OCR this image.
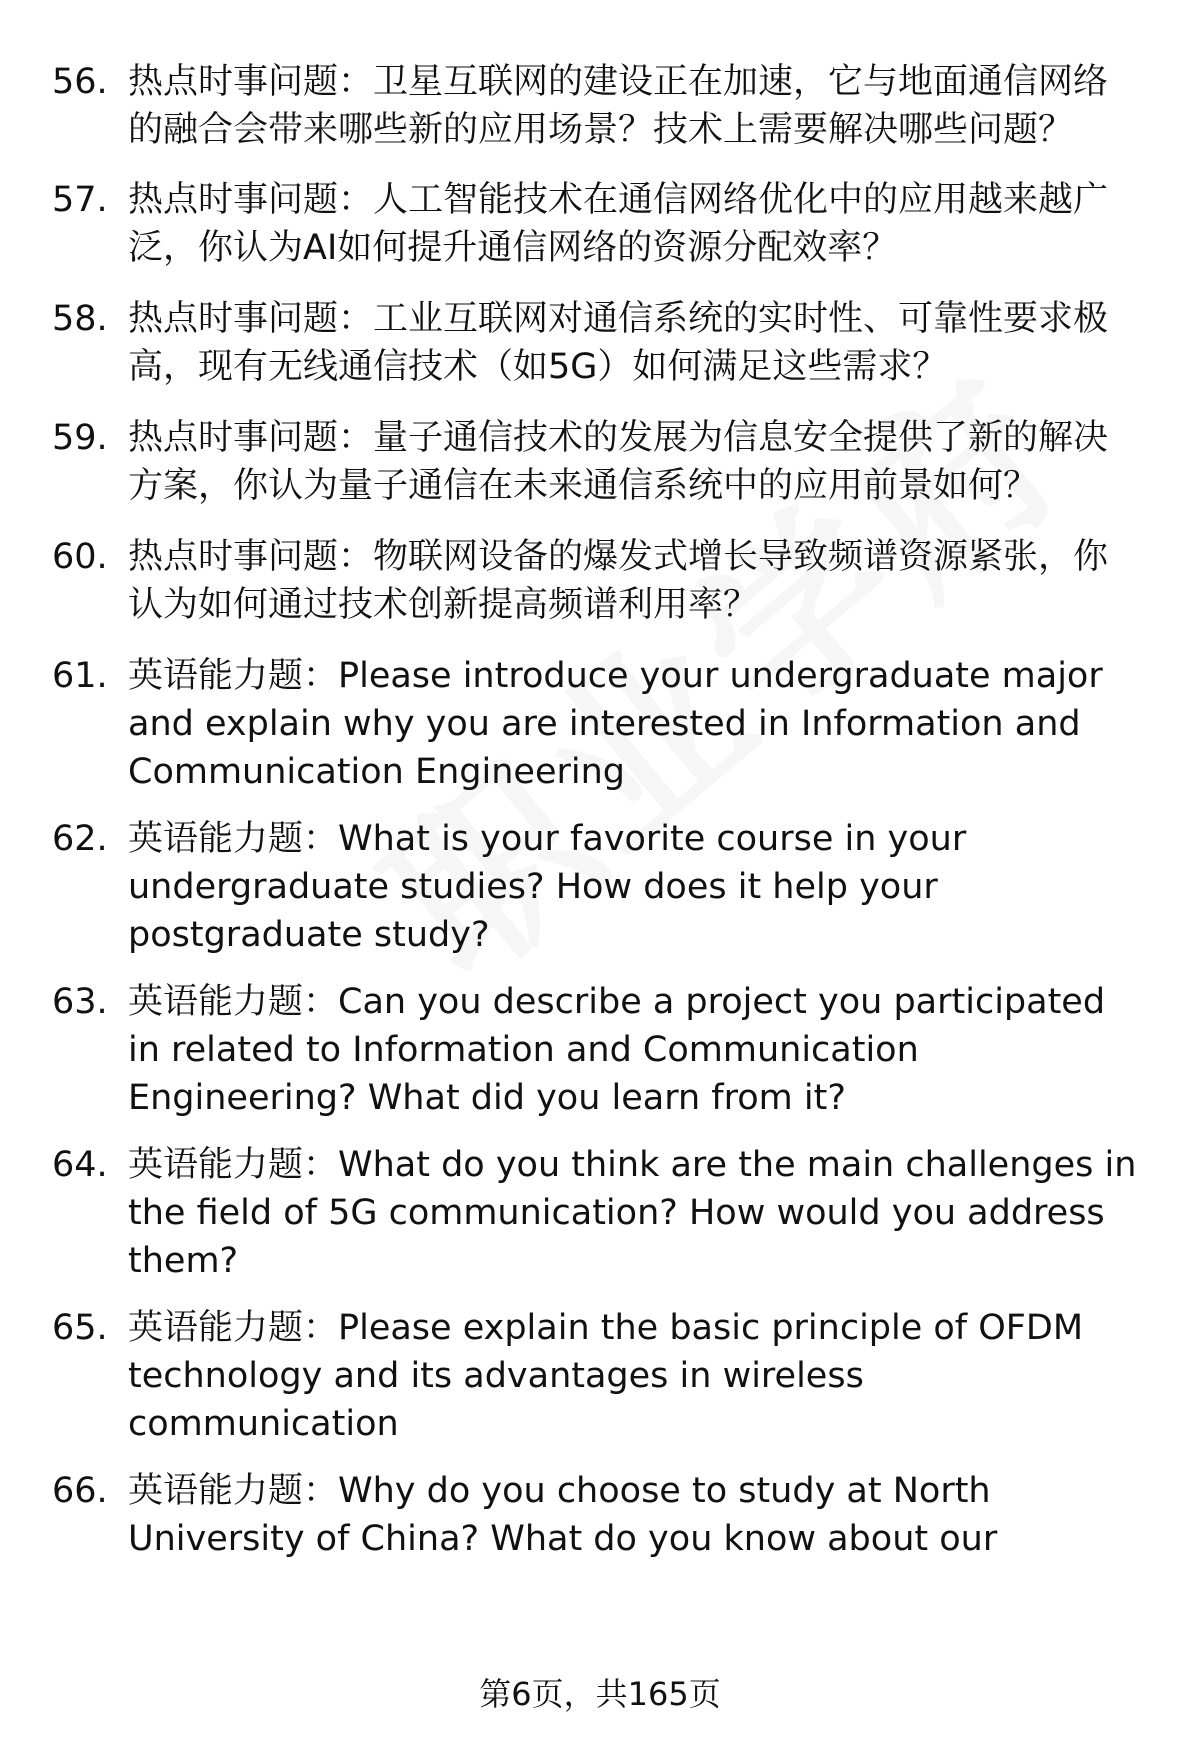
56. 热点时事问题：卫星互联网的建设正在加速，它与地面通信网络的融合会带来哪些新的应用场景？技术上需要解决哪些问题？
57. 热点时事问题：人工智能技术在通信网络优化中的应用越来越广泛，你认为AI如何提升通信网络的资源分配效率？
58. 热点时事问题：工业互联网对通信系统的实时性、可靠性要求极高，现有无线通信技术（如5G）如何满足这些需求？
59. 热点时事问题：量子通信技术的发展为信息安全提供了新的解决方案，你认为量子通信在未来通信系统中的应用前景如何？
60. 热点时事问题：物联网设备的爆发式增长导致频谱资源紧张，你认为如何通过技术创新提高频谱利用率？
61. 英语能力题：Please introduce your undergraduate major and explain why you are interested in Information and Communication Engineering
62. 英语能力题：What is your favorite course in your undergraduate studies? How does it help your postgraduate study?
63. 英语能力题：Can you describe a project you participated in related to Information and Communication Engineering? What did you learn from it?
64. 英语能力题：What do you think are the main challenges in the field of 5G communication? How would you address them?
65. 英语能力题：Please explain the basic principle of OFDM technology and its advantages in wireless communication
66. 英语能力题：Why do you choose to study at North University of China? What do you know about our
第6页，共165页
